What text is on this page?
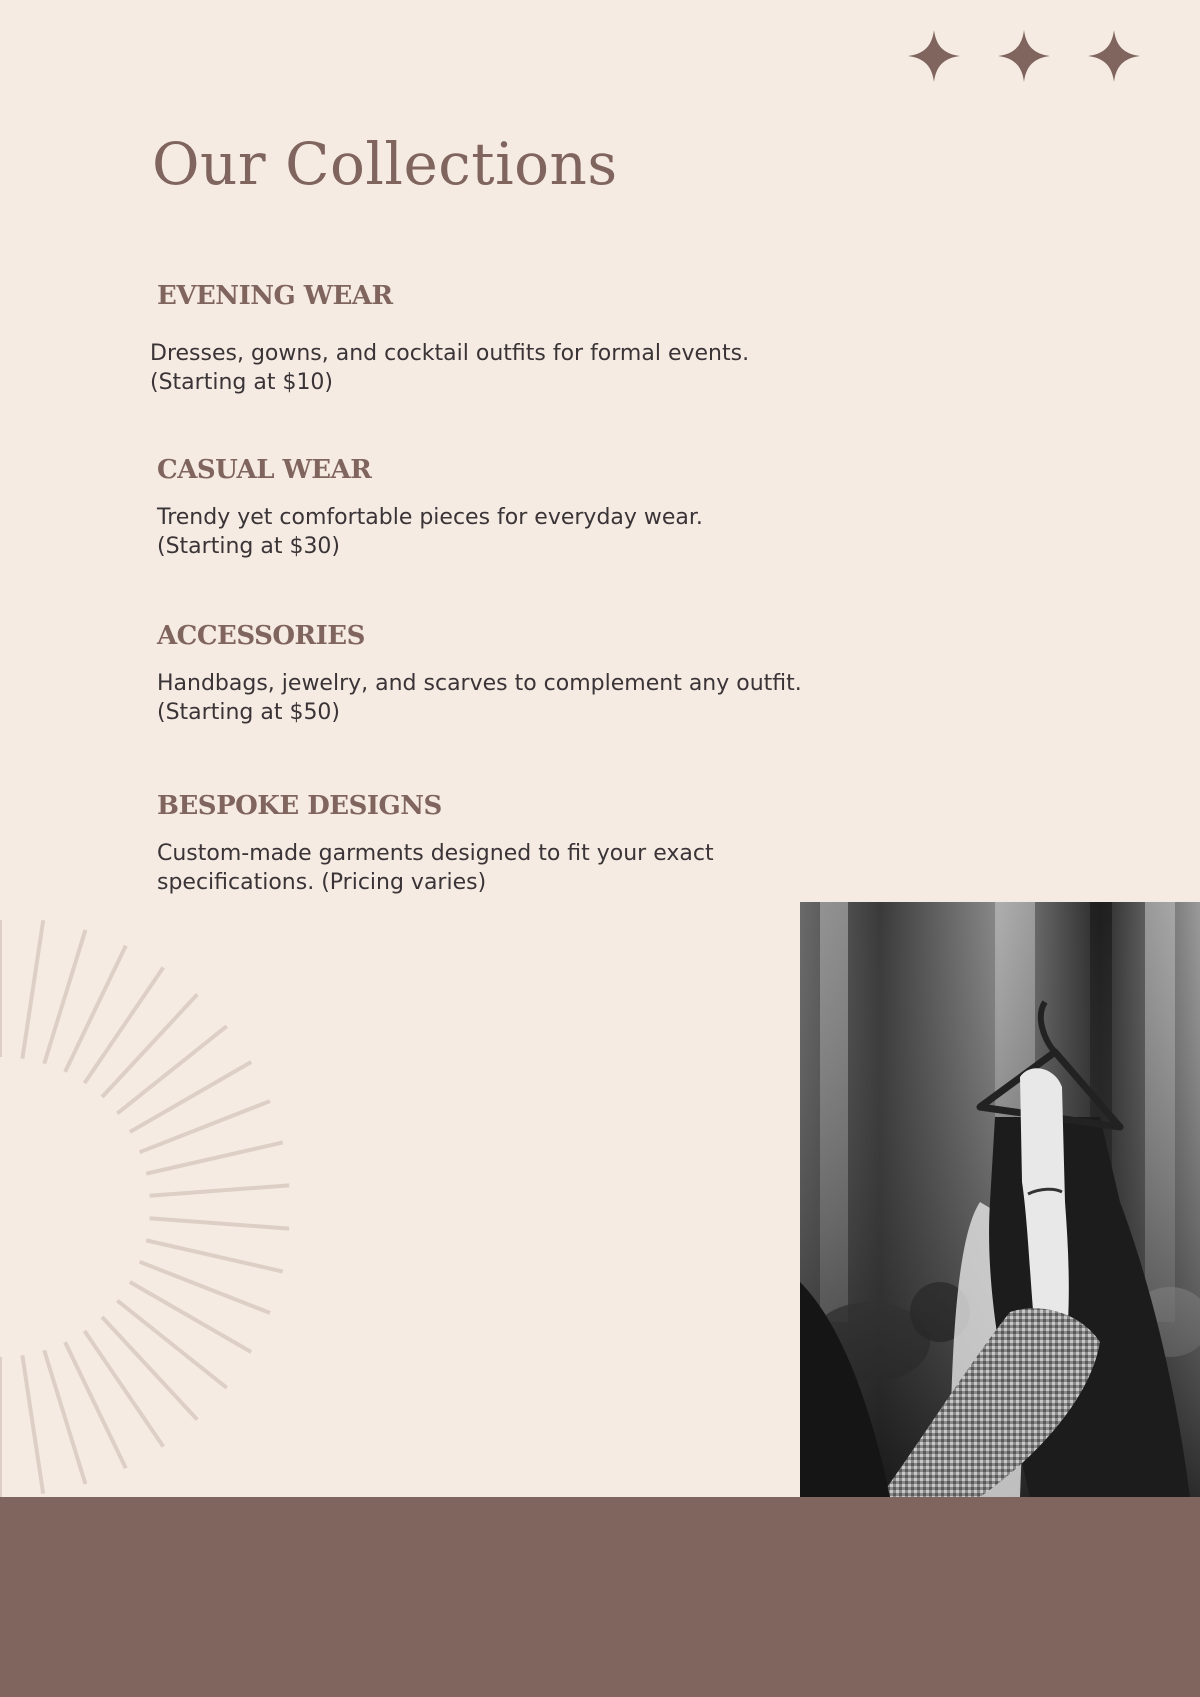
Our Collections
EVENING WEAR

Dresses, gowns, and cocktail outfits for formal events.
(Starting at $10)

CASUAL WEAR

Trendy yet comfortable pieces for everyday wear.
(Starting at $30)

ACCESSORIES

Handbags, jewelry, and scarves to complement any outfit.
(Starting at $50)

BESPOKE DESIGNS

Custom-made garments designed to fit your exact
specifications. (Pricing varies)
